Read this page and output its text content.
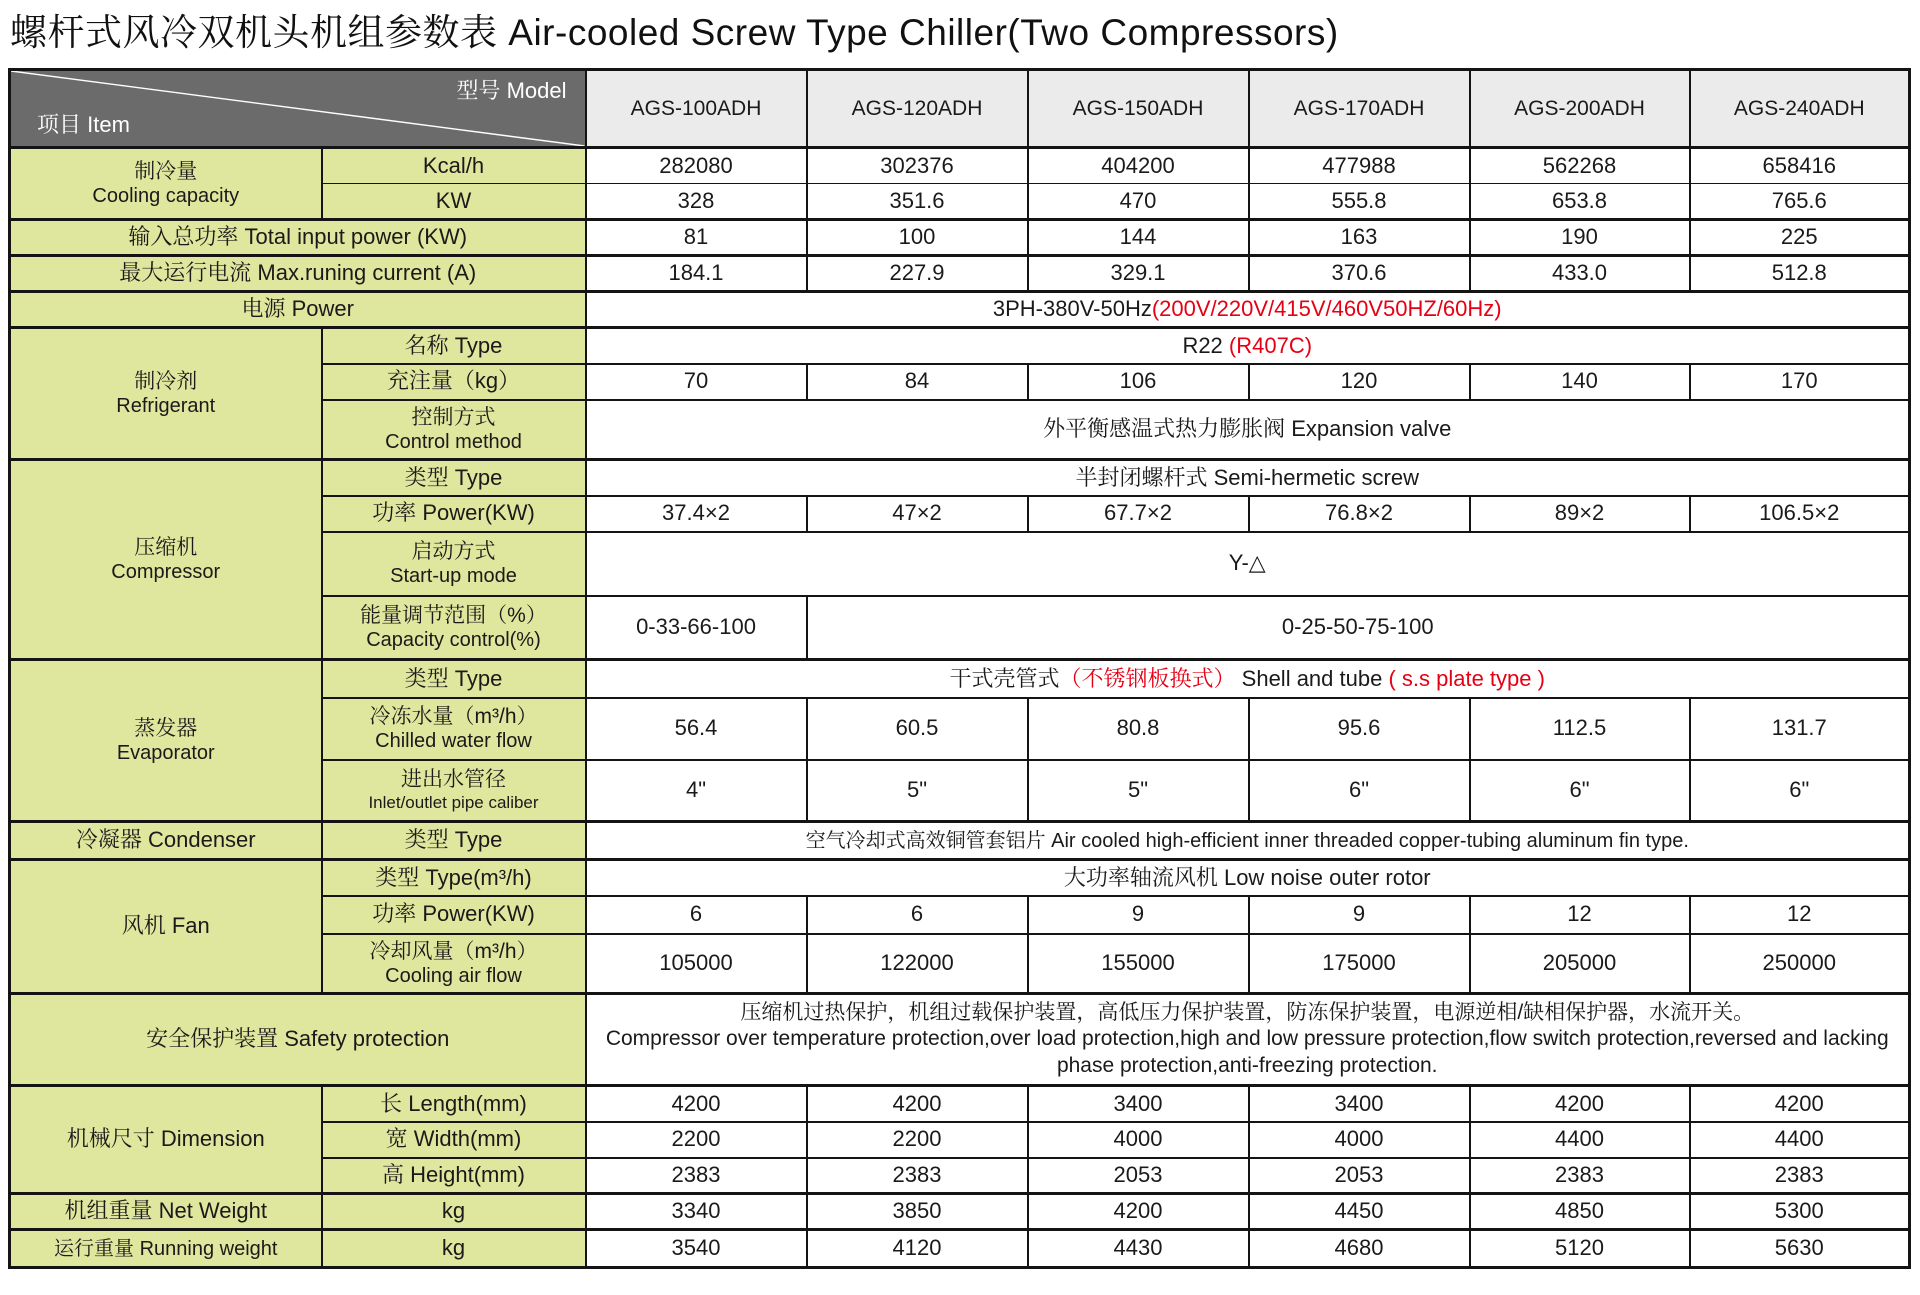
螺杆式风冷双机头机组参数表 Air-cooled Screw Type Chiller(Two Compressors)
型号 Model
项目 Item		AGS-100ADH	AGS-120ADH	AGS-150ADH	AGS-170ADH	AGS-200ADH	AGS-240ADH

制冷量
Cooling capacity	Kcal/h	282080	302376	404200	477988	562268	658416
	KW	328	351.6	470	555.8	653.8	765.6
输入总功率 Total input power (KW)		81	100	144	163	190	225
最大运行电流 Max.runing current (A)		184.1	227.9	329.1	370.6	433.0	512.8
电源 Power		3PH-380V-50Hz(200V/220V/415V/460V50HZ/60Hz)					

制冷剂
Refrigerant	名称 Type	R22 (R407C)					
	充注量（kg）	70	84	106	120	140	170

	控制方式
Control method	外平衡感温式热力膨胀阀 Expansion valve					

压缩机
Compressor	类型 Type	半封闭螺杆式 Semi-hermetic screw					
	功率 Power(KW)	37.4×2	47×2	67.7×2	76.8×2	89×2	106.5×2

	启动方式
Start-up mode	Y-△					

	能量调节范围（%）
Capacity control(%)	0-33-66-100	0-25-50-75-100				

蒸发器
Evaporator	类型 Type	干式壳管式（不锈钢板换式） Shell and tube ( s.s plate type )					

	冷冻水量（m³/h）
Chilled water flow	56.4	60.5	80.8	95.6	112.5	131.7

	进出水管径
Inlet/outlet pipe caliber	4"	5"	5"	6"	6"	6"
冷凝器 Condenser	类型 Type	空气冷却式高效铜管套铝片 Air cooled high-efficient inner threaded copper-tubing aluminum fin type.					
风机 Fan	类型 Type(m³/h)	大功率轴流风机 Low noise outer rotor					
	功率 Power(KW)	6	6	9	9	12	12

	冷却风量（m³/h）
Cooling air flow	105000	122000	155000	175000	205000	250000
安全保护装置 Safety protection		压缩机过热保护，机组过载保护装置，高低压力保护装置，防冻保护装置，电源逆相/缺相保护器，水流开关。
Compressor over temperature protection,over load protection,high and low pressure protection,flow switch protection,reversed and lacking phase protection,anti-freezing protection.					

机械尺寸 Dimension	长 Length(mm)	4200	4200	3400	3400	4200	4200
	宽 Width(mm)	2200	2200	4000	4000	4400	4400
	高 Height(mm)	2383	2383	2053	2053	2383	2383
机组重量 Net Weight	kg	3340	3850	4200	4450	4850	5300
运行重量 Running weight	kg	3540	4120	4430	4680	5120	5630
